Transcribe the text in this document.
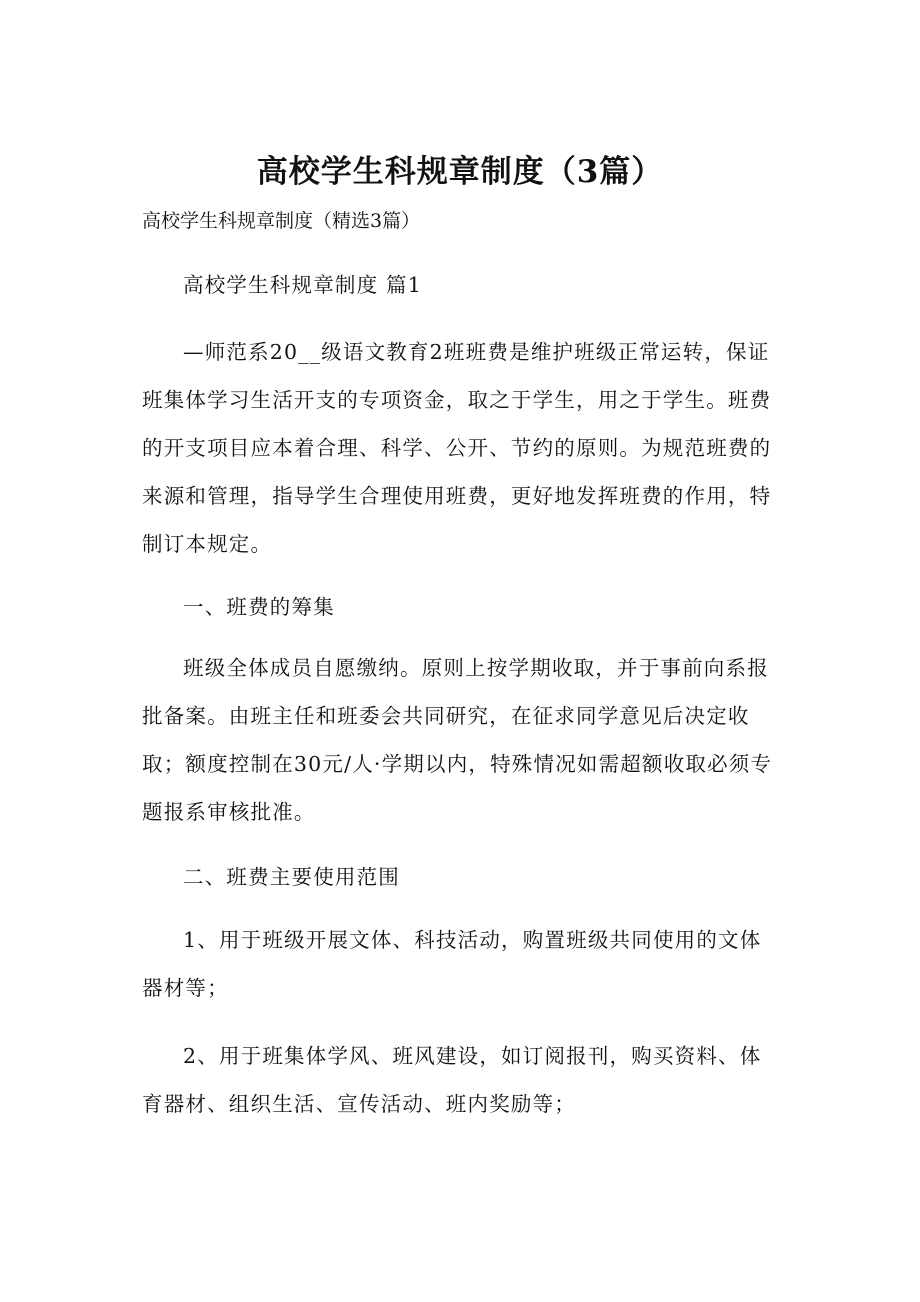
高校学生科规章制度（3篇）
高校学生科规章制度（精选3篇）
高校学生科规章制度 篇1

—师范系20__级语文教育2班班费是维护班级正常运转，保证班集体学习生活开支的专项资金，取之于学生，用之于学生。班费的开支项目应本着合理、科学、公开、节约的原则。为规范班费的来源和管理，指导学生合理使用班费，更好地发挥班费的作用，特制订本规定。

一、班费的筹集

班级全体成员自愿缴纳。原则上按学期收取，并于事前向系报批备案。由班主任和班委会共同研究，在征求同学意见后决定收取；额度控制在30元/人·学期以内，特殊情况如需超额收取必须专题报系审核批准。

二、班费主要使用范围

1、用于班级开展文体、科技活动，购置班级共同使用的文体器材等；

2、用于班集体学风、班风建设，如订阅报刊，购买资料、体育器材、组织生活、宣传活动、班内奖励等；
